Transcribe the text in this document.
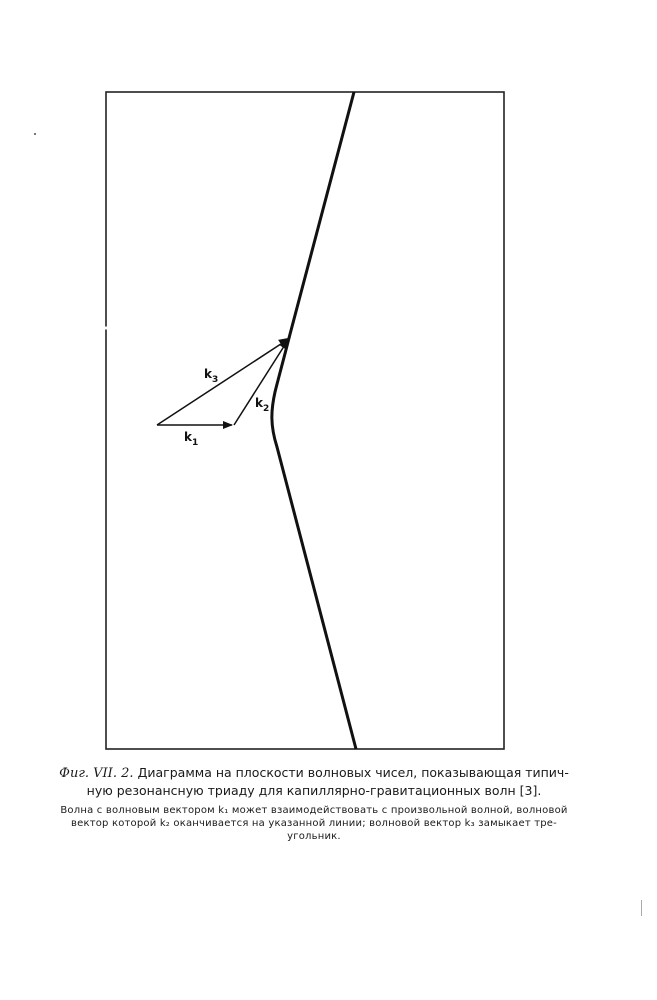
$k_3$
$k_2$
$k_1$

Фиг. VII. 2. Диаграмма на плоскости волновых чисел, показывающая типич-
ную резонансную триаду для капиллярно-гравитационных волн [3].

Волна с волновым вектором k₁ может взаимодействовать с произвольной волной, волновой
вектор которой k₂ оканчивается на указанной линии; волновой вектор k₃ замыкает тре-
угольник.
